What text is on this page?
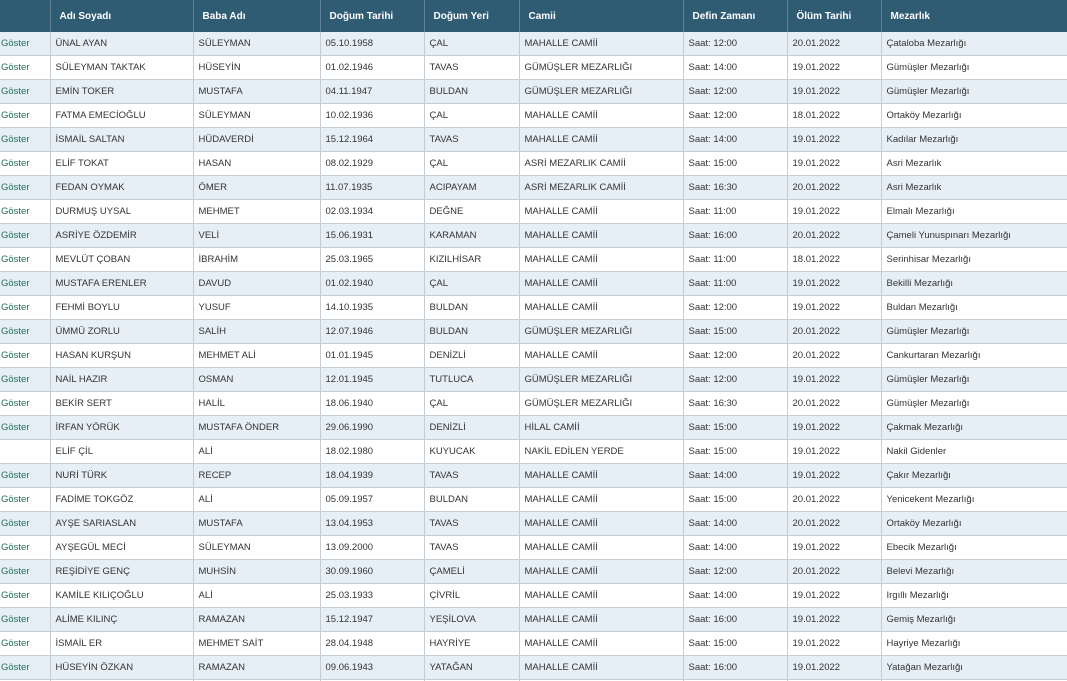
	Adı Soyadı	Baba Adı	Doğum Tarihi	Doğum Yeri	Camii	Defin Zamanı	Ölüm Tarihi	Mezarlık
Göster	ÜNAL AYAN	SÜLEYMAN	05.10.1958	ÇAL	MAHALLE CAMİİ	Saat: 12:00	20.01.2022	Çataloba Mezarlığı
Göster	SÜLEYMAN TAKTAK	HÜSEYİN	01.02.1946	TAVAS	GÜMÜŞLER MEZARLIĞI	Saat: 14:00	19.01.2022	Gümüşler Mezarlığı
Göster	EMİN TOKER	MUSTAFA	04.11.1947	BULDAN	GÜMÜŞLER MEZARLIĞI	Saat: 12:00	19.01.2022	Gümüşler Mezarlığı
Göster	FATMA EMECİOĞLU	SÜLEYMAN	10.02.1936	ÇAL	MAHALLE CAMİİ	Saat: 12:00	18.01.2022	Ortaköy Mezarlığı
Göster	İSMAİL SALTAN	HÜDAVERDİ	15.12.1964	TAVAS	MAHALLE CAMİİ	Saat: 14:00	19.01.2022	Kadılar Mezarlığı
Göster	ELİF TOKAT	HASAN	08.02.1929	ÇAL	ASRİ MEZARLIK CAMİİ	Saat: 15:00	19.01.2022	Asri Mezarlık
Göster	FEDAN OYMAK	ÖMER	11.07.1935	ACIPAYAM	ASRİ MEZARLIK CAMİİ	Saat: 16:30	20.01.2022	Asri Mezarlık
Göster	DURMUŞ UYSAL	MEHMET	02.03.1934	DEĞNE	MAHALLE CAMİİ	Saat: 11:00	19.01.2022	Elmalı Mezarlığı
Göster	ASRİYE ÖZDEMİR	VELİ	15.06.1931	KARAMAN	MAHALLE CAMİİ	Saat: 16:00	20.01.2022	Çameli Yunuspınarı Mezarlığı
Göster	MEVLÜT ÇOBAN	İBRAHİM	25.03.1965	KIZILHİSAR	MAHALLE CAMİİ	Saat: 11:00	18.01.2022	Serinhisar Mezarlığı
Göster	MUSTAFA ERENLER	DAVUD	01.02.1940	ÇAL	MAHALLE CAMİİ	Saat: 11:00	19.01.2022	Bekilli Mezarlığı
Göster	FEHMİ BOYLU	YUSUF	14.10.1935	BULDAN	MAHALLE CAMİİ	Saat: 12:00	19.01.2022	Buldan Mezarlığı
Göster	ÜMMÜ ZORLU	SALİH	12.07.1946	BULDAN	GÜMÜŞLER MEZARLIĞI	Saat: 15:00	20.01.2022	Gümüşler Mezarlığı
Göster	HASAN KURŞUN	MEHMET ALİ	01.01.1945	DENİZLİ	MAHALLE CAMİİ	Saat: 12:00	20.01.2022	Cankurtaran Mezarlığı
Göster	NAİL HAZIR	OSMAN	12.01.1945	TUTLUCA	GÜMÜŞLER MEZARLIĞI	Saat: 12:00	19.01.2022	Gümüşler Mezarlığı
Göster	BEKİR SERT	HALİL	18.06.1940	ÇAL	GÜMÜŞLER MEZARLIĞI	Saat: 16:30	20.01.2022	Gümüşler Mezarlığı
Göster	İRFAN YÖRÜK	MUSTAFA ÖNDER	29.06.1990	DENİZLİ	HİLAL CAMİİ	Saat: 15:00	19.01.2022	Çakmak Mezarlığı
	ELİF ÇİL	ALİ	18.02.1980	KUYUCAK	NAKİL EDİLEN YERDE	Saat: 15:00	19.01.2022	Nakil Gidenler
Göster	NURİ TÜRK	RECEP	18.04.1939	TAVAS	MAHALLE CAMİİ	Saat: 14:00	19.01.2022	Çakır Mezarlığı
Göster	FADİME TOKGÖZ	ALİ	05.09.1957	BULDAN	MAHALLE CAMİİ	Saat: 15:00	20.01.2022	Yenicekent Mezarlığı
Göster	AYŞE SARIASLAN	MUSTAFA	13.04.1953	TAVAS	MAHALLE CAMİİ	Saat: 14:00	20.01.2022	Ortaköy Mezarlığı
Göster	AYŞEGÜL MECİ	SÜLEYMAN	13.09.2000	TAVAS	MAHALLE CAMİİ	Saat: 14:00	19.01.2022	Ebecik Mezarlığı
Göster	REŞİDİYE GENÇ	MUHSİN	30.09.1960	ÇAMELİ	MAHALLE CAMİİ	Saat: 12:00	20.01.2022	Belevi Mezarlığı
Göster	KAMİLE KILIÇOĞLU	ALİ	25.03.1933	ÇİVRİL	MAHALLE CAMİİ	Saat: 14:00	19.01.2022	Irgıllı Mezarlığı
Göster	ALİME KILINÇ	RAMAZAN	15.12.1947	YEŞİLOVA	MAHALLE CAMİİ	Saat: 16:00	19.01.2022	Gemiş Mezarlığı
Göster	İSMAİL ER	MEHMET SAİT	28.04.1948	HAYRİYE	MAHALLE CAMİİ	Saat: 15:00	19.01.2022	Hayriye Mezarlığı
Göster	HÜSEYİN ÖZKAN	RAMAZAN	09.06.1943	YATAĞAN	MAHALLE CAMİİ	Saat: 16:00	19.01.2022	Yatağan Mezarlığı
